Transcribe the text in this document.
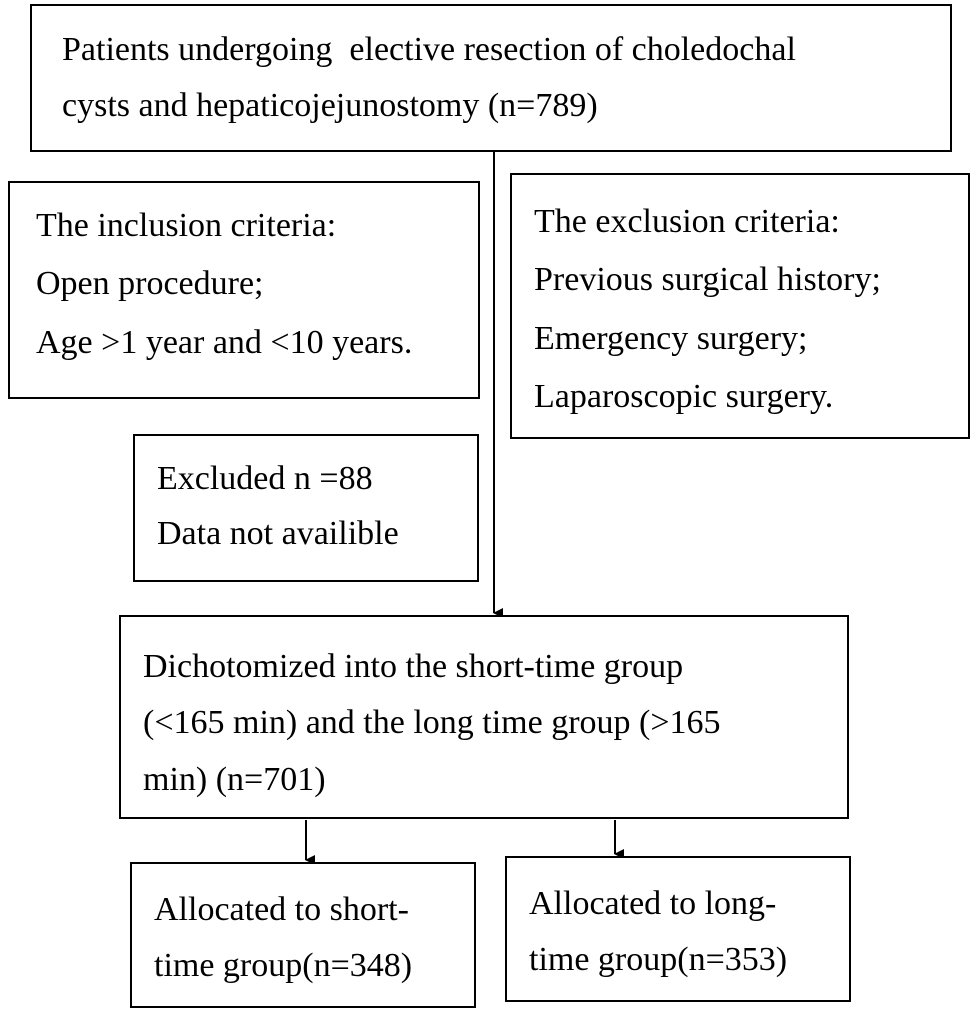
Patients undergoing  elective resection of choledochal
cysts and hepaticojejunostomy (n=789)
The inclusion criteria:
Open procedure;
Age >1 year and <10 years.
The exclusion criteria:
Previous surgical history;
Emergency surgery;
Laparoscopic surgery.
Excluded n =88
Data not availible
Dichotomized into the short-time group
(<165 min) and the long time group (>165
min) (n=701)
Allocated to short-
time group(n=348)
Allocated to long-
time group(n=353)
